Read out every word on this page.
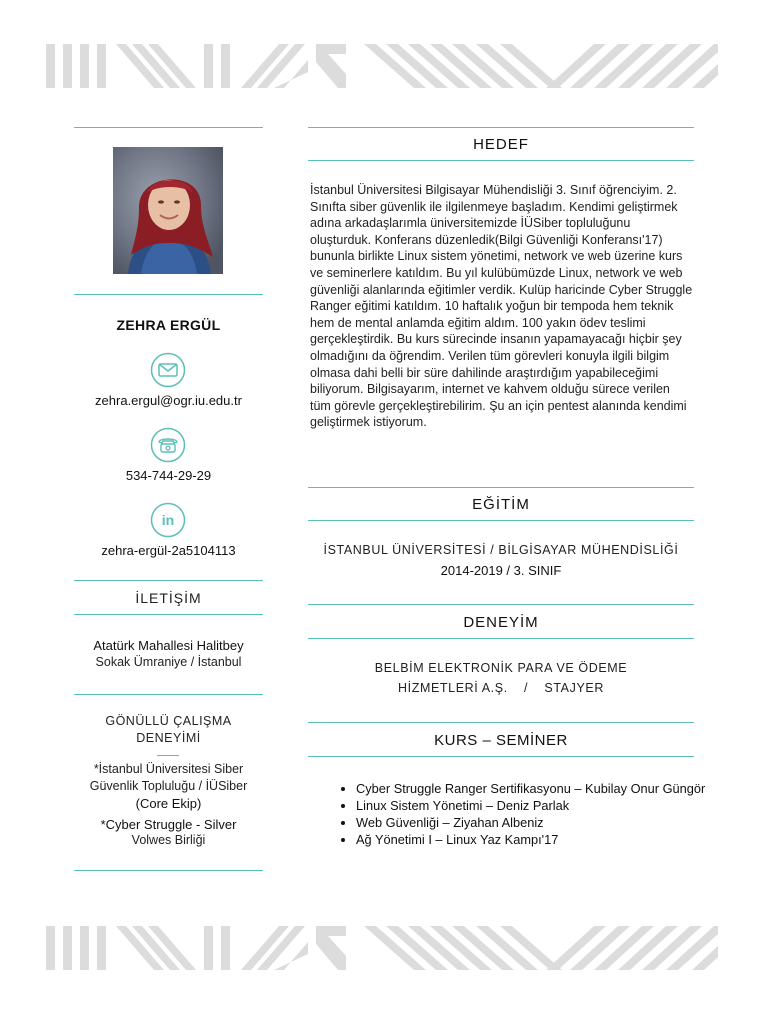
ZEHRA ERGÜL
zehra.ergul@ogr.iu.edu.tr
534-744-29-29
in
zehra-ergül-2a5104113
İLETİŞİM
Atatürk Mahallesi Halitbey
Sokak Ümraniye / İstanbul
GÖNÜLLÜ ÇALIŞMA
DENEYİMİ
*İstanbul Üniversitesi Siber
Güvenlik Topluluğu / İÜSiber
(Core Ekip)
*Cyber Struggle - Silver
Volwes Birliği
HEDEF

İstanbul Üniversitesi Bilgisayar Mühendisliği 3. Sınıf öğrenciyim. 2. Sınıfta siber güvenlik ile ilgilenmeye başladım. Kendimi geliştirmek adına arkadaşlarımla üniversitemizde İÜSiber topluluğunu oluşturduk. Konferans düzenledik(Bilgi Güvenliği Konferansı'17) bununla birlikte Linux sistem yönetimi, network ve web üzerine kurs ve seminerlere katıldım. Bu yıl kulübümüzde Linux, network ve web güvenliği alanlarında eğitimler verdik. Kulüp haricinde Cyber Struggle Ranger eğitimi katıldım. 10 haftalık yoğun bir tempoda hem teknik hem de mental anlamda eğitim aldım. 100 yakın ödev teslimi gerçekleştirdik. Bu kurs sürecinde insanın yapamayacağı hiçbir şey olmadığını da öğrendim. Verilen tüm görevleri konuyla ilgili bilgim olmasa dahi belli bir süre dahilinde araştırdığım yapabileceğimi biliyorum. Bilgisayarım, internet ve kahvem olduğu sürece verilen tüm görevle gerçekleştirebilirim. Şu an için pentest alanında kendimi geliştirmek istiyorum.

EĞİTİM
İSTANBUL ÜNİVERSİTESİ / BİLGİSAYAR MÜHENDİSLİĞİ
2014-2019 / 3. SINIF
DENEYİM
BELBİM ELEKTRONİK PARA VE ÖDEME
HİZMETLERİ A.Ş.    /    STAJYER
KURS – SEMİNER
• Cyber Struggle Ranger Sertifikasyonu – Kubilay Onur Güngör
• Linux Sistem Yönetimi – Deniz Parlak
• Web Güvenliği – Ziyahan Albeniz
• Ağ Yönetimi I – Linux Yaz Kampı'17
